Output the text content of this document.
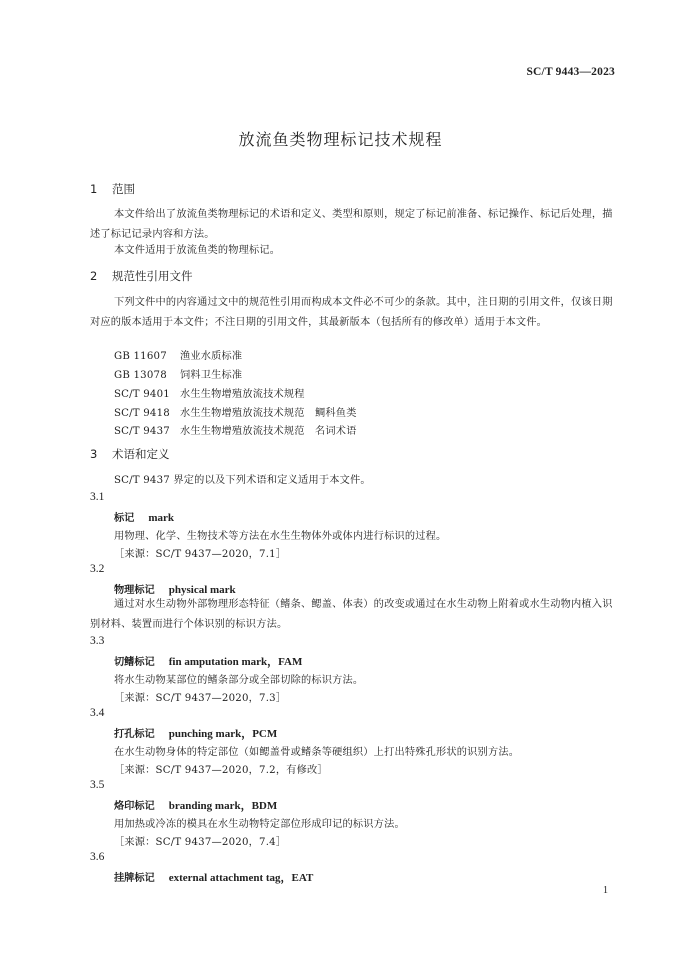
SC/T 9443—2023
放流鱼类物理标记技术规程
1 范围
本文件给出了放流鱼类物理标记的术语和定义、类型和原则，规定了标记前准备、标记操作、标记后处理，描述了标记记录内容和方法。
本文件适用于放流鱼类的物理标记。
2 规范性引用文件
下列文件中的内容通过文中的规范性引用而构成本文件必不可少的条款。其中，注日期的引用文件，仅该日期对应的版本适用于本文件；不注日期的引用文件，其最新版本（包括所有的修改单）适用于本文件。
GB 11607 渔业水质标准
GB 13078 饲料卫生标准
SC/T 9401 水生生物增殖放流技术规程
SC/T 9418 水生生物增殖放流技术规范　鲷科鱼类
SC/T 9437 水生生物增殖放流技术规范　名词术语
3 术语和定义
SC/T 9437 界定的以及下列术语和定义适用于本文件。
3.1
标记 mark
用物理、化学、生物技术等方法在水生生物体外或体内进行标识的过程。
［来源：SC/T 9437—2020，7.1］
3.2
物理标记 physical mark
通过对水生动物外部物理形态特征（鳍条、鳃盖、体表）的改变或通过在水生动物上附着或水生动物内植入识别材料、装置而进行个体识别的标识方法。
3.3
切鳍标记 fin amputation mark，FAM
将水生动物某部位的鳍条部分或全部切除的标识方法。
［来源：SC/T 9437—2020，7.3］
3.4
打孔标记 punching mark，PCM
在水生动物身体的特定部位（如鳃盖骨或鳍条等硬组织）上打出特殊孔形状的识别方法。
［来源：SC/T 9437—2020，7.2，有修改］
3.5
烙印标记 branding mark，BDM
用加热或冷冻的模具在水生动物特定部位形成印记的标识方法。
［来源：SC/T 9437—2020，7.4］
3.6
挂牌标记 external attachment tag，EAT
1
